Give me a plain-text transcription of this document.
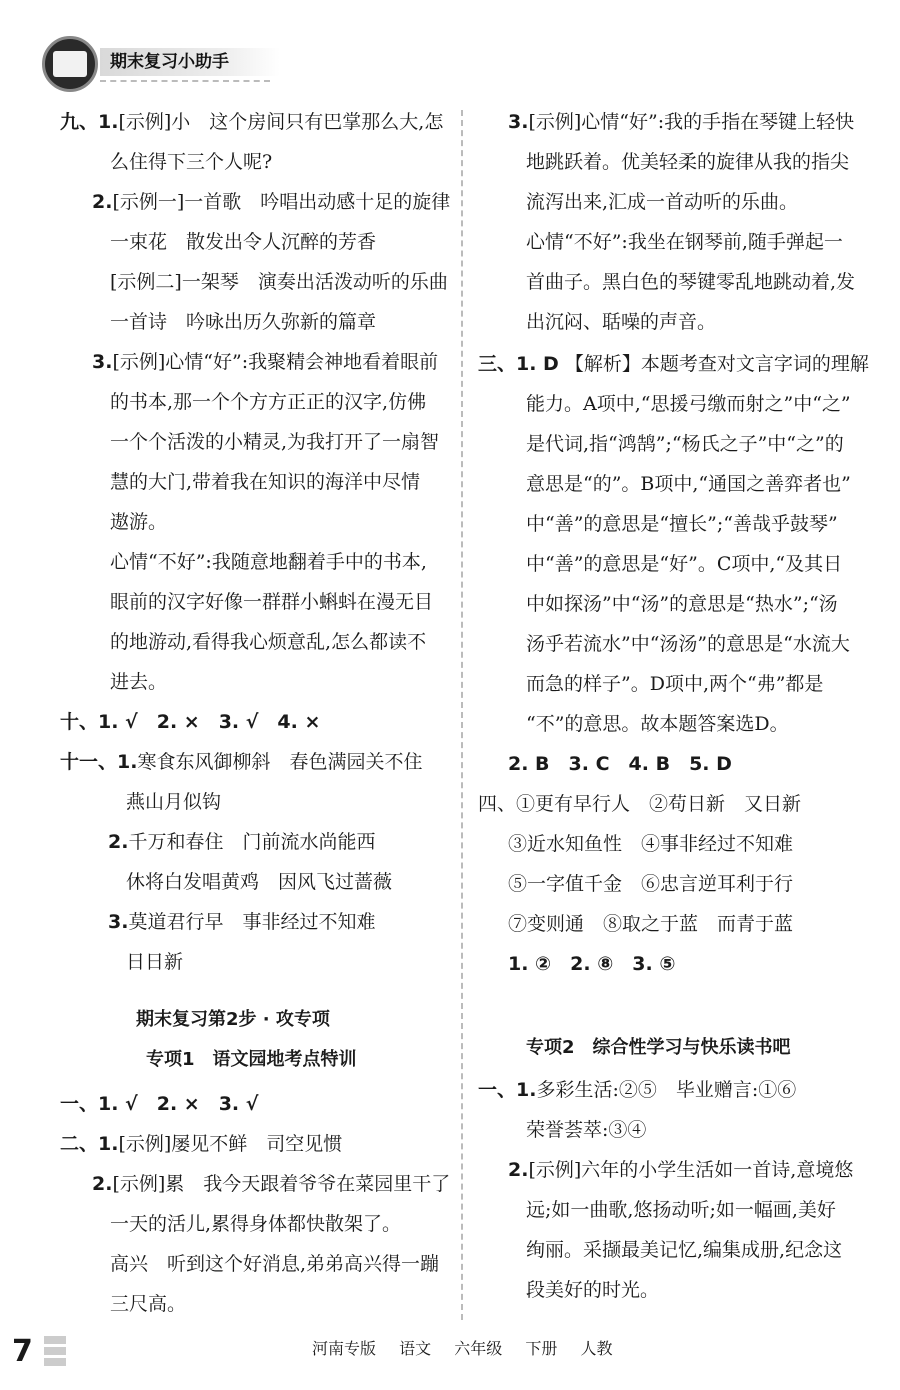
期末复习小助手
九、1.[示例]小　这个房间只有巴掌那么大,怎
么住得下三个人呢?
2.[示例一]一首歌　吟唱出动感十足的旋律
一束花　散发出令人沉醉的芳香
[示例二]一架琴　演奏出活泼动听的乐曲
一首诗　吟咏出历久弥新的篇章
3.[示例]心情“好”:我聚精会神地看着眼前
的书本,那一个个方方正正的汉字,仿佛
一个个活泼的小精灵,为我打开了一扇智
慧的大门,带着我在知识的海洋中尽情
遨游。
心情“不好”:我随意地翻着手中的书本,
眼前的汉字好像一群群小蝌蚪在漫无目
的地游动,看得我心烦意乱,怎么都读不
进去。
十、1. √　2. ×　3. √　4. ×
十一、1.寒食东风御柳斜　春色满园关不住
燕山月似钩
2.千万和春住　门前流水尚能西
休将白发唱黄鸡　因风飞过蔷薇
3.莫道君行早　事非经过不知难
日日新
期末复习第2步 · 攻专项
专项1　语文园地考点特训
一、1. √　2. ×　3. √
二、1.[示例]屡见不鲜　司空见惯
2.[示例]累　我今天跟着爷爷在菜园里干了
一天的活儿,累得身体都快散架了。
高兴　听到这个好消息,弟弟高兴得一蹦
三尺高。
3.[示例]心情“好”:我的手指在琴键上轻快
地跳跃着。优美轻柔的旋律从我的指尖
流泻出来,汇成一首动听的乐曲。
心情“不好”:我坐在钢琴前,随手弹起一
首曲子。黑白色的琴键零乱地跳动着,发
出沉闷、聒噪的声音。
三、1. D 【解析】本题考查对文言字词的理解
能力。A项中,“思援弓缴而射之”中“之”
是代词,指“鸿鹄”;“杨氏之子”中“之”的
意思是“的”。B项中,“通国之善弈者也”
中“善”的意思是“擅长”;“善哉乎鼓琴”
中“善”的意思是“好”。C项中,“及其日
中如探汤”中“汤”的意思是“热水”;“汤
汤乎若流水”中“汤汤”的意思是“水流大
而急的样子”。D项中,两个“弗”都是
“不”的意思。故本题答案选D。
2. B　3. C　4. B　5. D
四、①更有早行人　②苟日新　又日新
③近水知鱼性　④事非经过不知难
⑤一字值千金　⑥忠言逆耳利于行
⑦变则通　⑧取之于蓝　而青于蓝
1. ②　2. ⑧　3. ⑤
专项2　综合性学习与快乐读书吧
一、1.多彩生活:②⑤　毕业赠言:①⑥
荣誉荟萃:③④
2.[示例]六年的小学生活如一首诗,意境悠
远;如一曲歌,悠扬动听;如一幅画,美好
绚丽。采撷最美记忆,编集成册,纪念这
段美好的时光。
7	河南专版 语文 六年级 下册 人教
